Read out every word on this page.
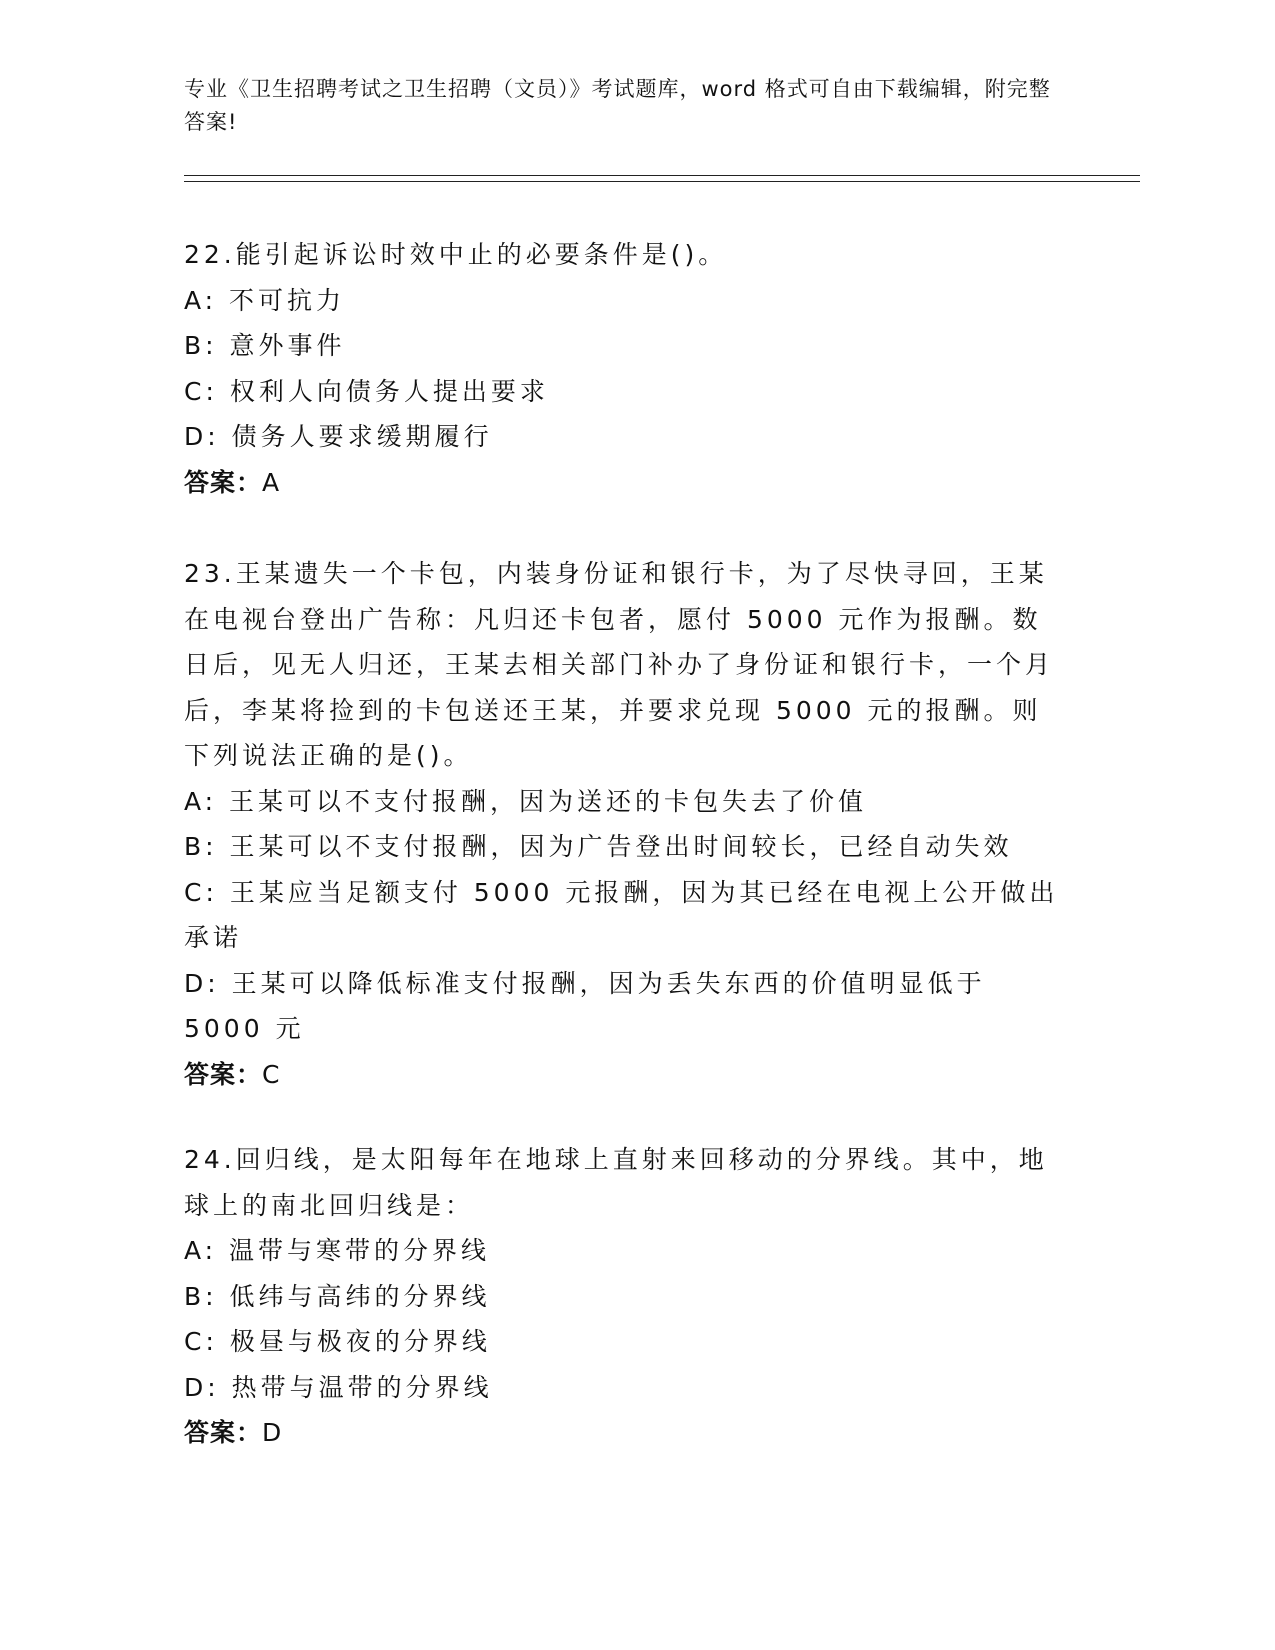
专业《卫生招聘考试之卫生招聘（文员）》考试题库，word 格式可自由下载编辑，附完整答案!

22.能引起诉讼时效中止的必要条件是()。

A: 不可抗力

B: 意外事件

C: 权利人向债务人提出要求

D: 债务人要求缓期履行

答案：A

23.王某遗失一个卡包，内装身份证和银行卡，为了尽快寻回，王某在电视台登出广告称：凡归还卡包者，愿付 5000 元作为报酬。数日后，见无人归还，王某去相关部门补办了身份证和银行卡，一个月后，李某将捡到的卡包送还王某，并要求兑现 5000 元的报酬。则下列说法正确的是()。

A: 王某可以不支付报酬，因为送还的卡包失去了价值

B: 王某可以不支付报酬，因为广告登出时间较长，已经自动失效

C: 王某应当足额支付 5000 元报酬，因为其已经在电视上公开做出承诺

D: 王某可以降低标准支付报酬，因为丢失东西的价值明显低于 5000 元

答案：C

24.回归线，是太阳每年在地球上直射来回移动的分界线。其中，地球上的南北回归线是：

A: 温带与寒带的分界线

B: 低纬与高纬的分界线

C: 极昼与极夜的分界线

D: 热带与温带的分界线

答案：D
